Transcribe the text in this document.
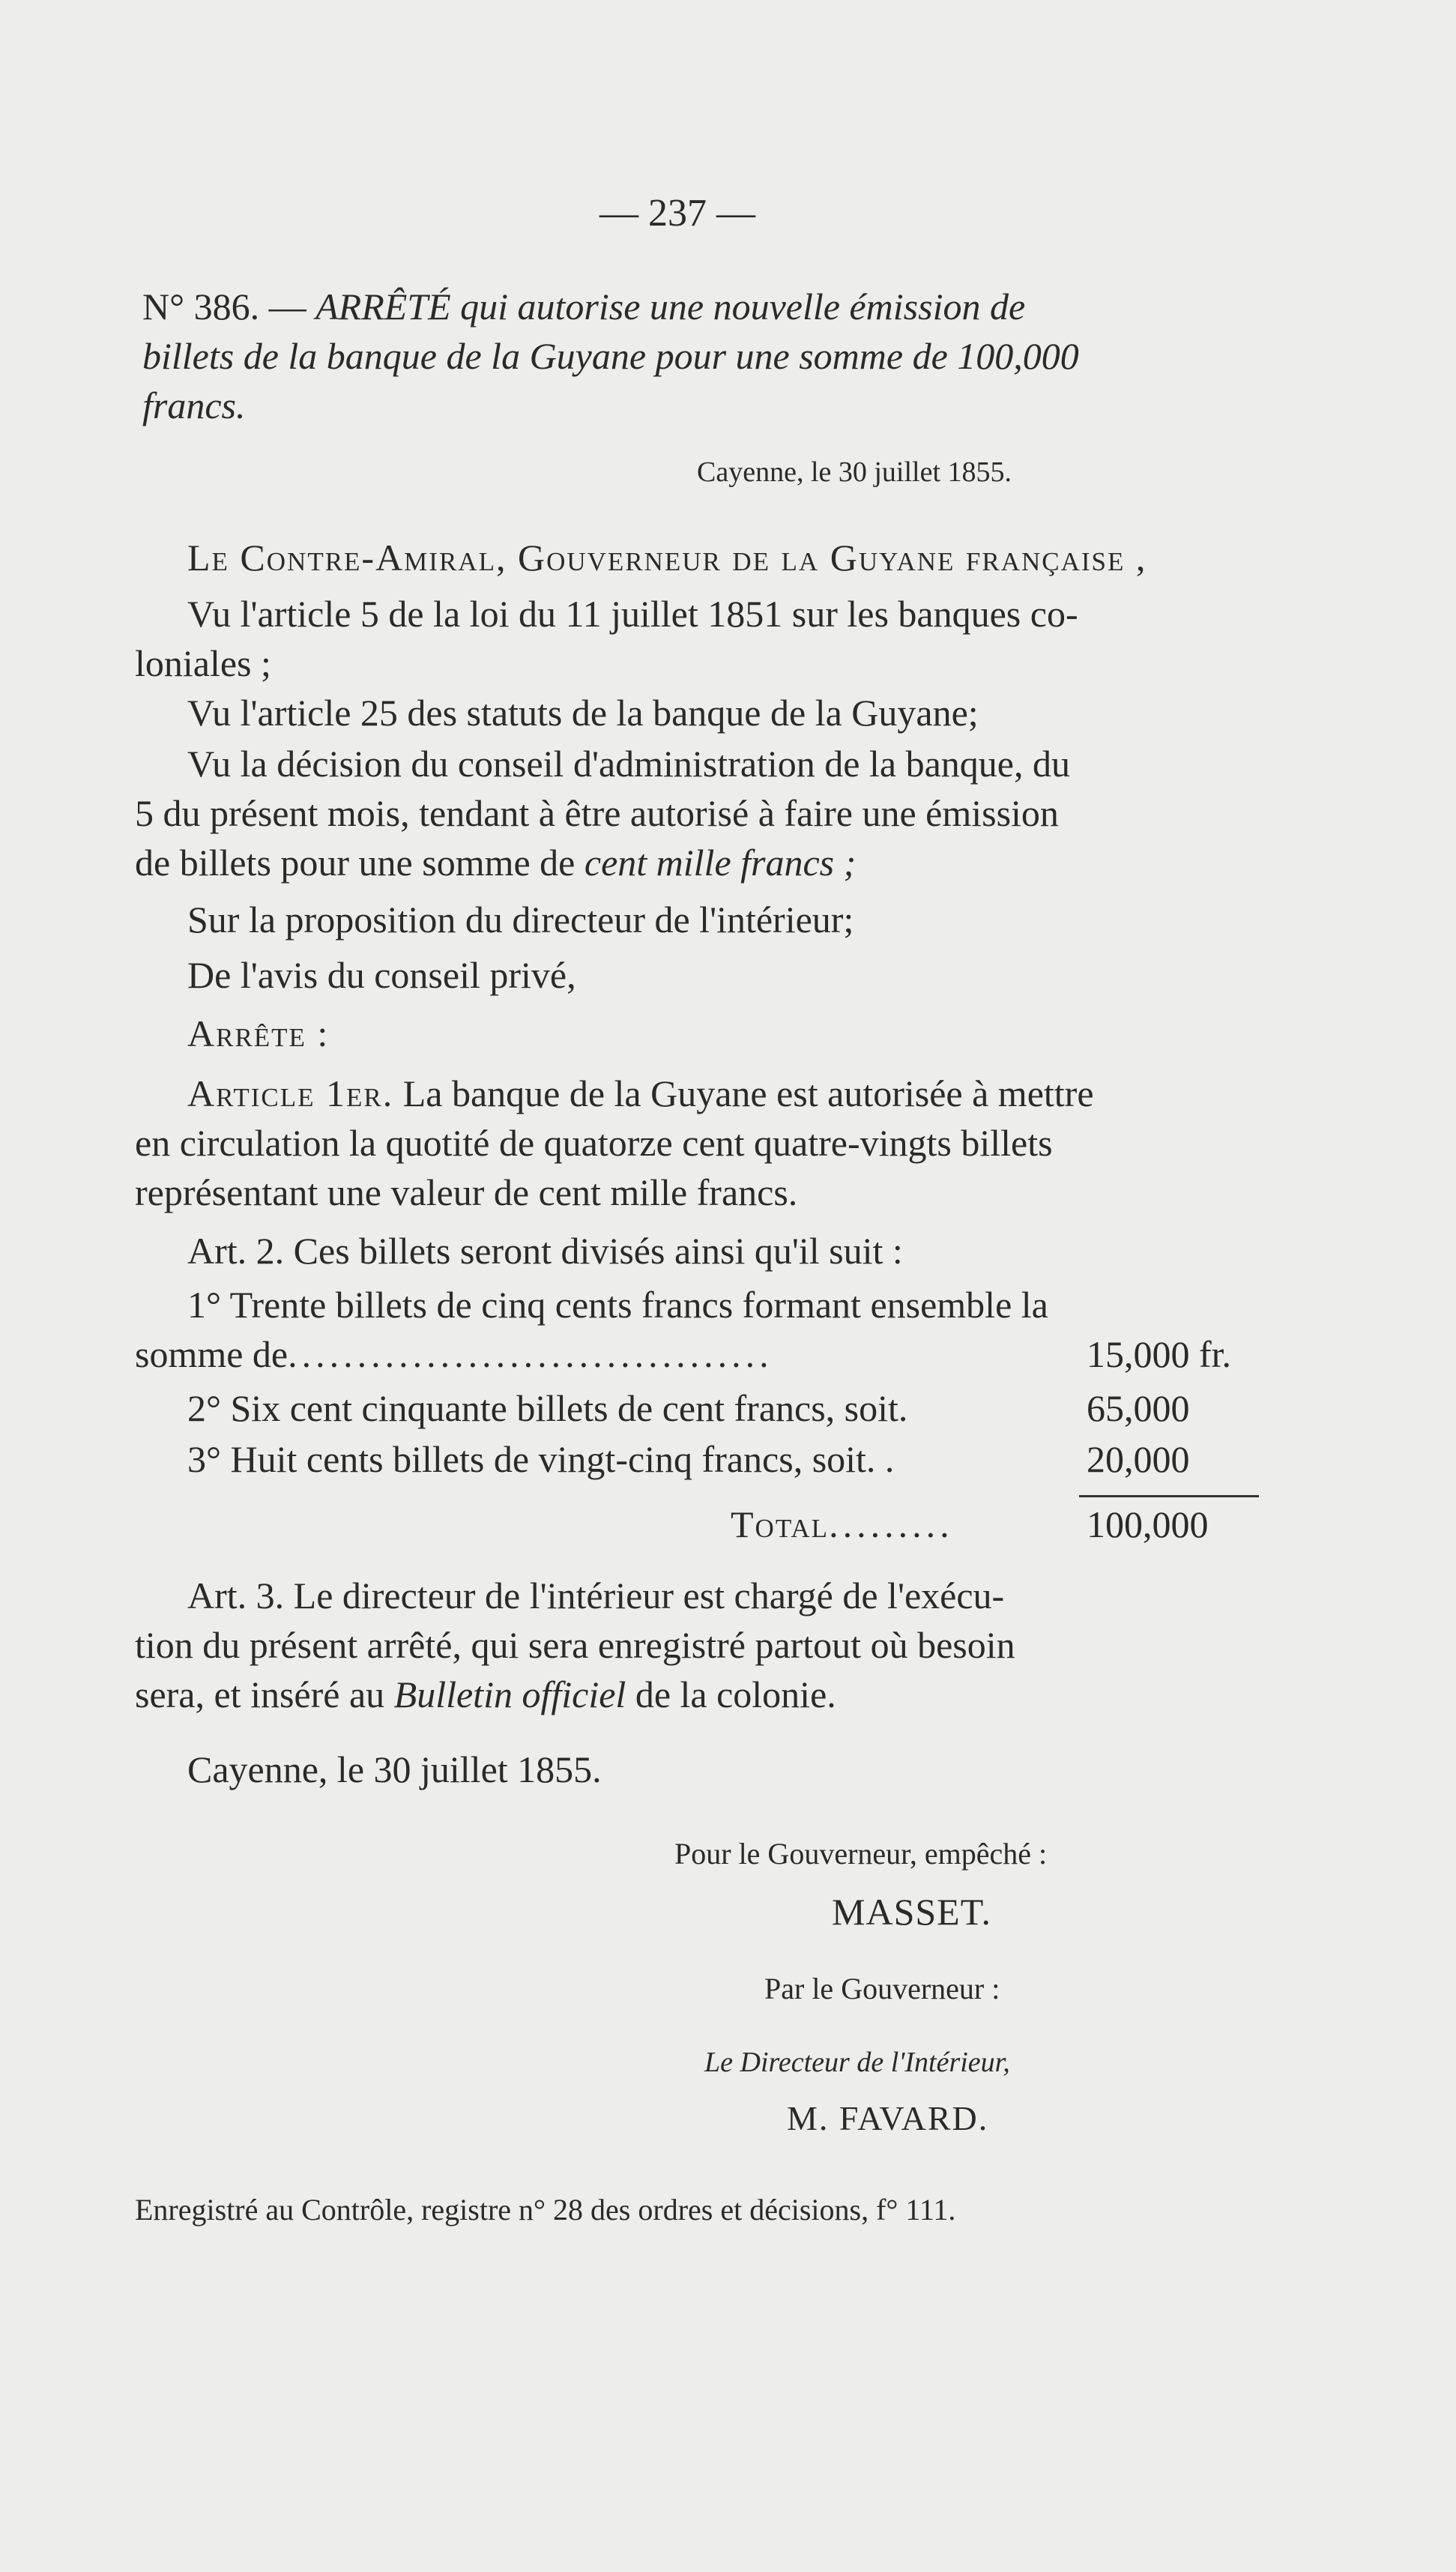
— 237 —
N° 386. — ARRÊTÉ qui autorise une nouvelle émission de
billets de la banque de la Guyane pour une somme de 100,000
francs.
Cayenne, le 30 juillet 1855.
Le Contre-Amiral, Gouverneur de la Guyane française ,
Vu l'article 5 de la loi du 11 juillet 1851 sur les banques co-
loniales ;
Vu l'article 25 des statuts de la banque de la Guyane;
Vu la décision du conseil d'administration de la banque, du
5 du présent mois, tendant à être autorisé à faire une émission
de billets pour une somme de cent mille francs ;
Sur la proposition du directeur de l'intérieur;
De l'avis du conseil privé,
Arrête :
Article 1er. La banque de la Guyane est autorisée à mettre
en circulation la quotité de quatorze cent quatre-vingts billets
représentant une valeur de cent mille francs.
Art. 2. Ces billets seront divisés ainsi qu'il suit :
1° Trente billets de cinq cents francs formant ensemble la
somme de...................................	15,000 fr.
2° Six cent cinquante billets de cent francs, soit.	65,000
3° Huit cents billets de vingt-cinq francs, soit. .	20,000
Total.........	100,000
Art. 3. Le directeur de l'intérieur est chargé de l'exécu-
tion du présent arrêté, qui sera enregistré partout où besoin
sera, et inséré au Bulletin officiel de la colonie.
Cayenne, le 30 juillet 1855.
Pour le Gouverneur, empêché :
MASSET.
Par le Gouverneur :
Le Directeur de l'Intérieur,
M. FAVARD.
Enregistré au Contrôle, registre n° 28 des ordres et décisions, f° 111.
